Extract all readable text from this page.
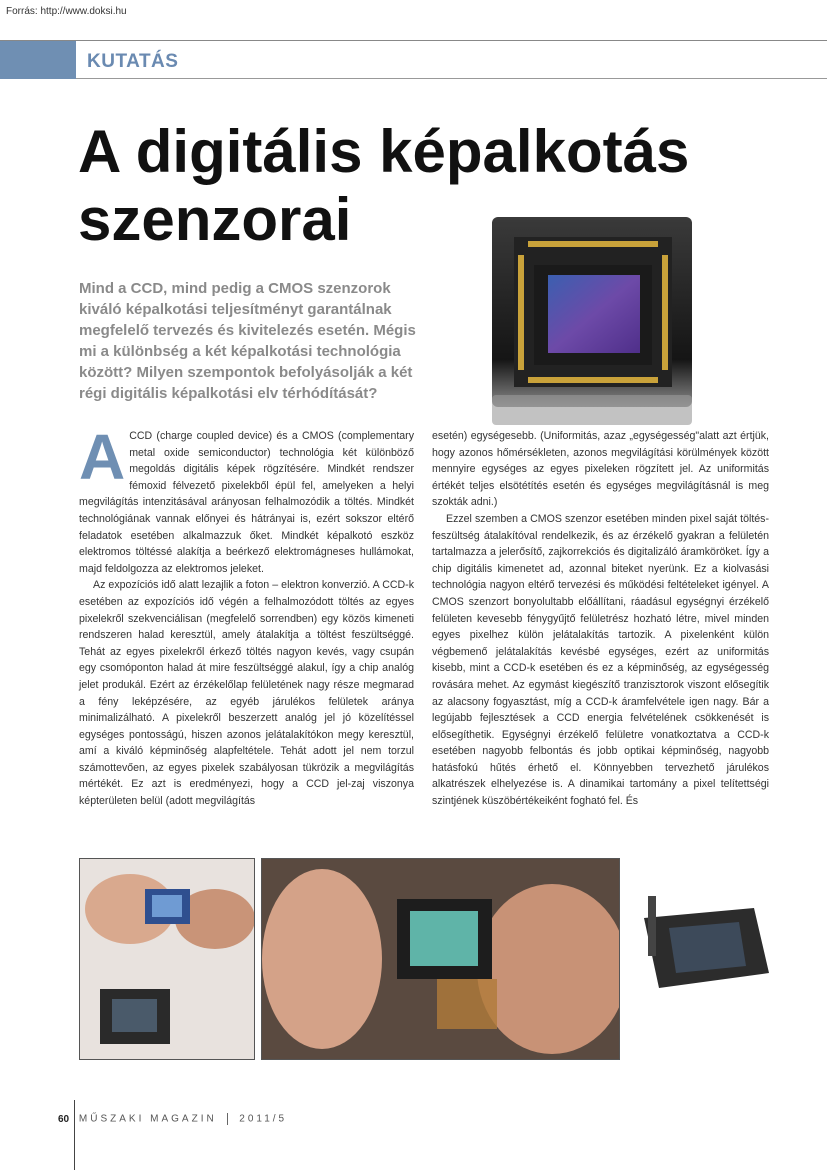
Forrás: http://www.doksi.hu
KUTATÁS
A digitális képalkotás
szenzorai
Mind a CCD, mind pedig a CMOS szenzorok kiváló képalkotási teljesítményt garantálnak megfelelő tervezés és kivitelezés esetén. Mégis mi a különbség a két képalkotási technológia között? Milyen szempontok befolyásolják a két régi digitális képalkotási elv térhódítását?
A CCD (charge coupled device) és a CMOS (complementary metal oxide semiconductor) technológia két különböző megoldás digitális képek rögzítésére. Mindkét rendszer fémoxid félvezető pixelekből épül fel, amelyeken a helyi megvilágítás intenzitásával arányosan felhalmozódik a töltés. Mindkét technológiának vannak előnyei és hátrányai is, ezért sokszor eltérő feladatok esetében alkalmazzuk őket. Mindkét képalkotó eszköz elektromos töltéssé alakítja a beérkező elektromágneses hullámokat, majd feldolgozza az elektromos jeleket.

Az expozíciós idő alatt lezajlik a foton – elektron konverzió. A CCD-k esetében az expozíciós idő végén a felhalmozódott töltés az egyes pixelekről szekvenciálisan (megfelelő sorrendben) egy közös kimeneti rendszeren halad keresztül, amely átalakítja a töltést feszültséggé. Tehát az egyes pixelekről érkező töltés nagyon kevés, vagy csupán egy csomóponton halad át mire feszültséggé alakul, így a chip analóg jelet produkál. Ezért az érzékelőlap felületének nagy része megmarad a fény leképzésére, az egyéb járulékos felületek aránya minimalizálható. A pixelekről beszerzett analóg jel jó közelítéssel egységes pontosságú, hiszen azonos jelátalakítókon megy keresztül, amí a kiváló képminőség alapfeltétele. Tehát adott jel nem torzul számottevően, az egyes pixelek szabályosan tükrözik a megvilágítás mértékét. Ez azt is eredményezi, hogy a CCD jel-zaj viszonya képterületen belül (adott megvilágítás

esetén) egységesebb. (Uniformitás, azaz „egységesség"alatt azt értjük, hogy azonos hőmérsékleten, azonos megvilágítási körülmények között mennyire egységes az egyes pixeleken rögzített jel. Az uniformitás értékét teljes elsötétítés esetén és egységes megvilágításnál is meg szokták adni.)

Ezzel szemben a CMOS szenzor esetében minden pixel saját töltés-feszültség átalakítóval rendelkezik, és az érzékelő gyakran a felületén tartalmazza a jelerősítő, zajkorrekciós és digitalizáló áramköröket. Így a chip digitális kimenetet ad, azonnal biteket nyerünk. Ez a kiolvasási technológia nagyon eltérő tervezési és működési feltételeket igényel. A CMOS szenzort bonyolultabb előállítani, ráadásul egységnyi érzékelő felületen kevesebb fénygyűjtő felületrész hozható létre, mivel minden egyes pixelhez külön jelátalakítás tartozik. A pixelenként külön végbemenő jelátalakítás kevésbé egységes, ezért az uniformitás kisebb, mint a CCD-k esetében és ez a képminőség, az egységesség rovására mehet. Az egymást kiegészítő tranzisztorok viszont elősegítik az alacsony fogyasztást, míg a CCD-k áramfelvétele igen nagy. Bár a legújabb fejlesztések a CCD energia felvételének csökkenését is elősegíthetik. Egységnyi érzékelő felületre vonatkoztatva a CCD-k esetében nagyobb felbontás és jobb optikai képminőség, nagyobb hatásfokú hűtés érhető el. Könnyebben tervezhető járulékos alkatrészek elhelyezése is. A dinamikai tartomány a pixel telítettségi szintjének küszöbértékeiként fogható fel. És

60 MŰSZAKI MAGAZIN 2011/5
